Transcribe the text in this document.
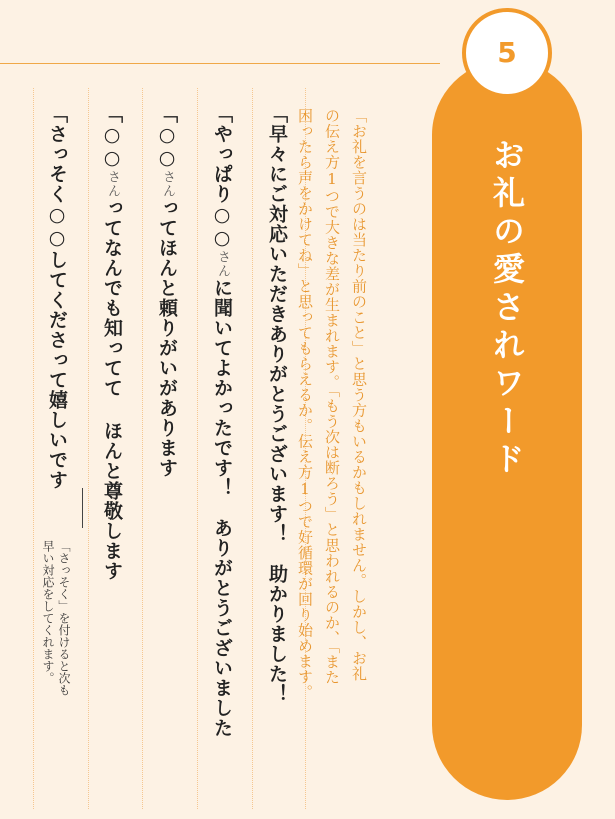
「早々にご対応いただきありがとうございます！　助かりました！
「やっぱり○○さんに聞いてよかったです！　ありがとうございました
「○○さんってほんと頼りがいがあります
「○○さんってなんでも知ってて ほんと尊敬します
「さっそく○○してくださって嬉しいです
「さっそく」を付けると次も
早い対応をしてくれます。	「お礼を言うのは当たり前のこと」と思う方もいるかもしれません。しかし、お礼
の伝え方1つで大きな差が生まれます。「もう次は断ろう」と思われるのか、「また
困ったら声をかけてね」と思ってもらえるか。伝え方1つで好循環が回り始めます。	お礼の愛されワード
5
